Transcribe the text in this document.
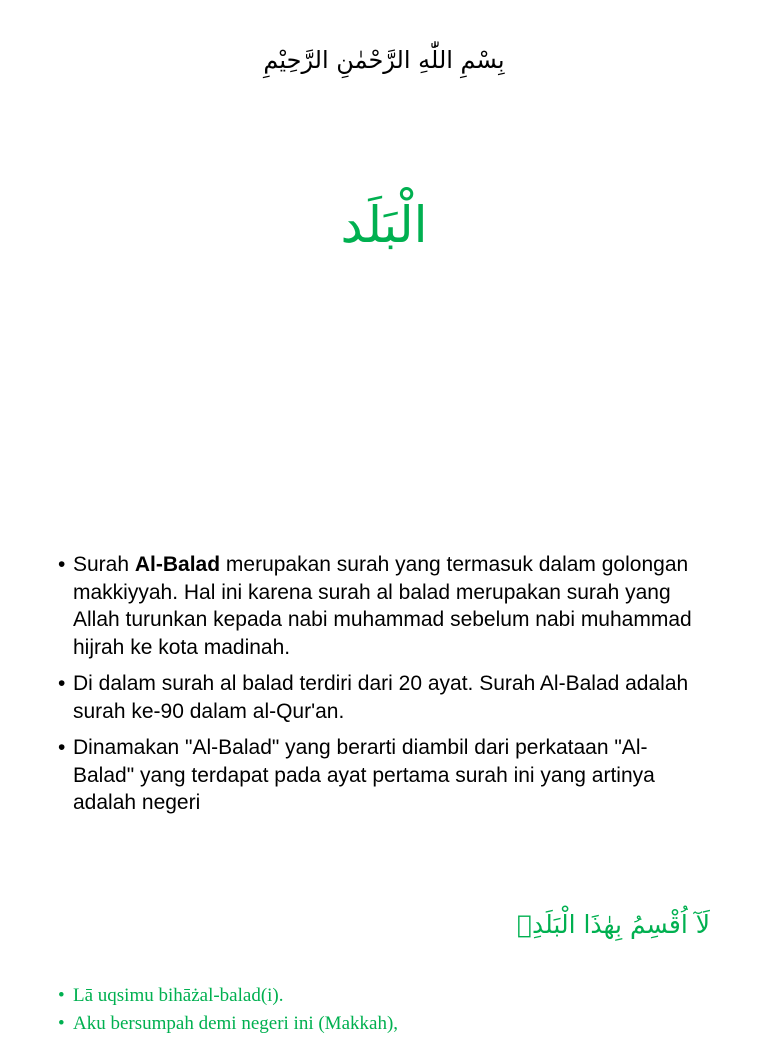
بِسْمِ اللّٰهِ الرَّحْمٰنِ الرَّحِيْمِ
الْبَلَد
• Surah Al-Balad merupakan surah yang termasuk dalam golongan makkiyyah. Hal ini karena surah al balad merupakan surah yang Allah turunkan kepada nabi muhammad sebelum nabi muhammad hijrah ke kota madinah.
• Di dalam surah al balad terdiri dari 20 ayat. Surah Al-Balad adalah surah ke-90 dalam al-Qur'an.
• Dinamakan "Al-Balad" yang berarti diambil dari perkataan "Al-Balad" yang terdapat pada ayat pertama surah ini yang artinya adalah negeri
لَآ اُقْسِمُ بِهٰذَا الْبَلَدِۙ
• Lā uqsimu bihāżal-balad(i).
• Aku bersumpah demi negeri ini (Makkah),
